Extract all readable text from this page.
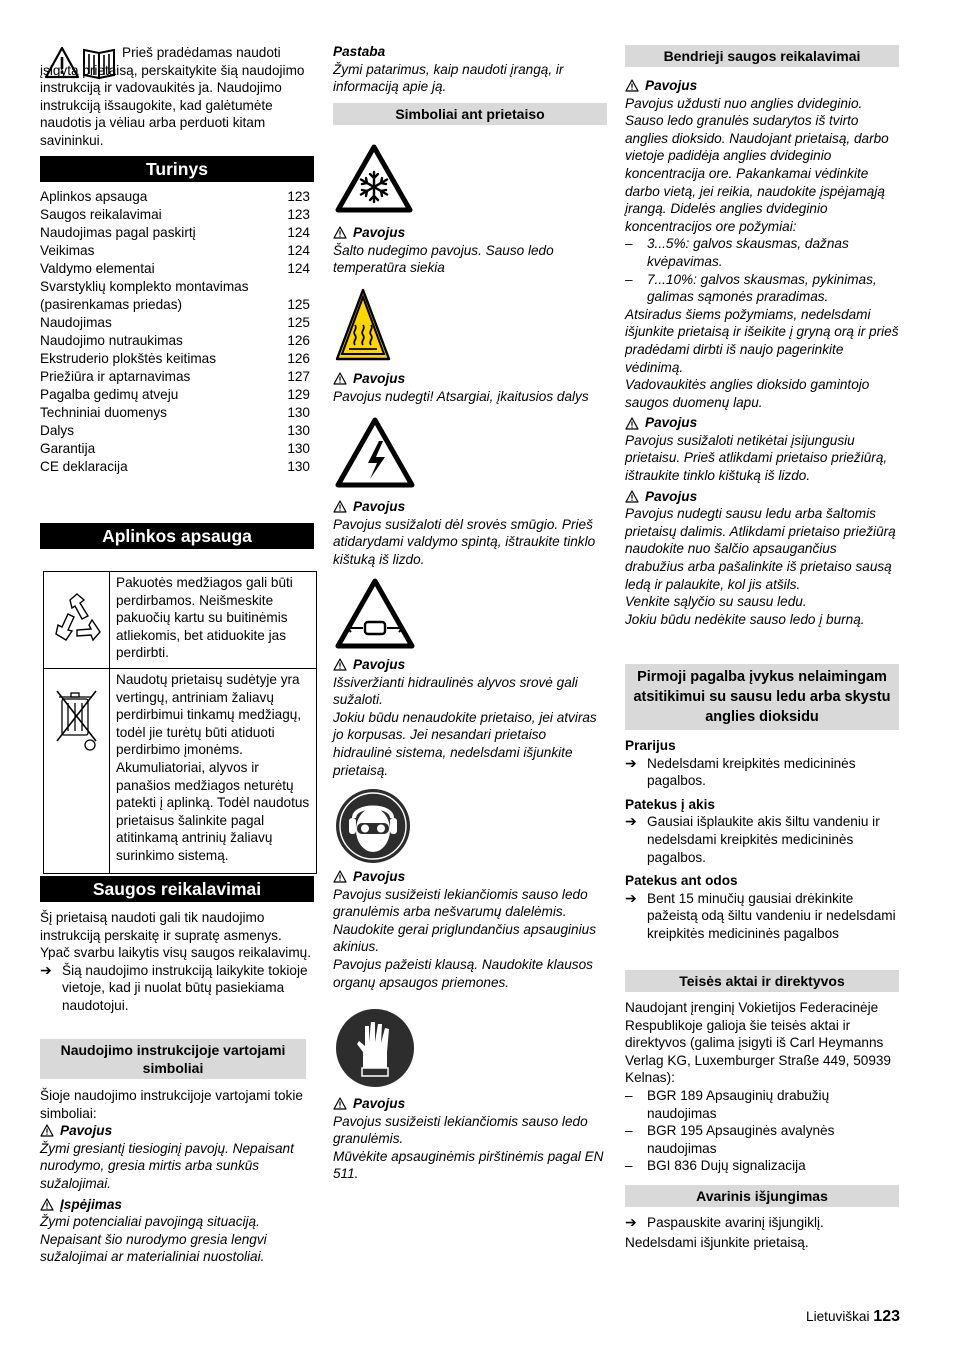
Prieš pradėdamas naudoti įsigytą prietaisą, perskaitykite šią naudojimo instrukciją ir vadovaukitės ja. Naudojimo instrukciją išsaugokite, kad galėtumėte naudotis ja vėliau arba perduoti kitam savininkui.

Turinys
Aplinkos apsauga	123
Saugos reikalavimai	123
Naudojimas pagal paskirtį	124
Veikimas	124
Valdymo elementai	124
Svarstyklių komplekto montavimas (pasirenkamas priedas)	125
Naudojimas	125
Naudojimo nutraukimas	126
Ekstruderio plokštės keitimas	126
Priežiūra ir aptarnavimas	127
Pagalba gedimų atveju	129
Techniniai duomenys	130
Dalys	130
Garantija	130
CE deklaracija	130
Aplinkos apsauga
	Pakuotės medžiagos gali būti perdirbamos. Neišmeskite pakuočių kartu su buitinėmis atliekomis, bet atiduokite jas perdirbti.
	Naudotų prietaisų sudėtyje yra vertingų, antriniam žaliavų perdirbimui tinkamų medžiagų, todėl jie turėtų būti atiduoti perdirbimo įmonėms. Akumuliatoriai, alyvos ir panašios medžiagos neturėtų patekti į aplinką. Todėl naudotus prietaisus šalinkite pagal atitinkamą antrinių žaliavų surinkimo sistemą.
Saugos reikalavimai

Šį prietaisą naudoti gali tik naudojimo instrukciją perskaitę ir supratę asmenys. Ypač svarbu laikytis visų saugos reikalavimų.

➔ Šią naudojimo instrukciją laikykite tokioje vietoje, kad ji nuolat būtų pasiekiama naudotojui.
Naudojimo instrukcijoje vartojami simboliai

Šioje naudojimo instrukcijoje vartojami tokie simboliai:

Pavojus

Žymi gresiantį tiesioginį pavojų. Nepaisant nurodymo, gresia mirtis arba sunkūs sužalojimai.

Įspėjimas

Žymi potencialiai pavojingą situaciją. Nepaisant šio nurodymo gresia lengvi sužalojimai ar materialiniai nuostoliai.

Pastaba

Žymi patarimus, kaip naudoti įrangą, ir informaciją apie ją.

Simboliai ant prietaiso
Pavojus

Šalto nudegimo pavojus. Sauso ledo temperatūra siekia

Pavojus

Pavojus nudegti! Atsargiai, įkaitusios dalys

Pavojus

Pavojus susižaloti dėl srovės smūgio. Prieš atidarydami valdymo spintą, ištraukite tinklo kištuką iš lizdo.

Pavojus

Išsiveržianti hidraulinės alyvos srovė gali sužaloti.
Jokiu būdu nenaudokite prietaiso, jei atviras jo korpusas. Jei nesandari prietaiso hidraulinė sistema, nedelsdami išjunkite prietaisą.

Pavojus

Pavojus susižeisti lekiančiomis sauso ledo granulėmis arba nešvarumų dalelėmis. Naudokite gerai priglundančius apsauginius akinius.
Pavojus pažeisti klausą. Naudokite klausos organų apsaugos priemones.

Pavojus

Pavojus susižeisti lekiančiomis sauso ledo granulėmis.
Mūvėkite apsauginėmis pirštinėmis pagal EN 511.

Bendrieji saugos reikalavimai
Pavojus

Pavojus uždusti nuo anglies dvideginio. Sauso ledo granulės sudarytos iš tvirto anglies dioksido. Naudojant prietaisą, darbo vietoje padidėja anglies dvideginio koncentracija ore. Pakankamai vėdinkite darbo vietą, jei reikia, naudokite įspėjamąją įrangą. Didelės anglies dvideginio koncentracijos ore požymiai:

–	3...5%: galvos skausmas, dažnas kvėpavimas.
–	7...10%: galvos skausmas, pykinimas, galimas sąmonės praradimas.

Atsiradus šiems požymiams, nedelsdami išjunkite prietaisą ir išeikite į gryną orą ir prieš pradėdami dirbti iš naujo pagerinkite vėdinimą.
Vadovaukitės anglies dioksido gamintojo saugos duomenų lapu.

Pavojus

Pavojus susižaloti netikėtai įsijungusiu prietaisu. Prieš atlikdami prietaiso priežiūrą, ištraukite tinklo kištuką iš lizdo.

Pavojus

Pavojus nudegti sausu ledu arba šaltomis prietaisų dalimis. Atlikdami prietaiso priežiūrą naudokite nuo šalčio apsaugančius drabužius arba pašalinkite iš prietaiso sausą ledą ir palaukite, kol jis atšils.
Venkite sąlyčio su sausu ledu.
Jokiu būdu nedėkite sauso ledo į burną.

Pirmoji pagalba įvykus nelaimingam atsitikimui su sausu ledu arba skystu anglies dioksidu

Prarijus

➔ Nedelsdami kreipkitės medicininės pagalbos.

Patekus į akis

➔ Gausiai išplaukite akis šiltu vandeniu ir nedelsdami kreipkitės medicininės pagalbos.

Patekus ant odos

➔ Bent 15 minučių gausiai drėkinkite pažeistą odą šiltu vandeniu ir nedelsdami kreipkitės medicininės pagalbos
Teisės aktai ir direktyvos

Naudojant įrenginį Vokietijos Federacinėje Respublikoje galioja šie teisės aktai ir direktyvos (galima įsigyti iš Carl Heymanns Verlag KG, Luxemburger Straße 449, 50939 Kelnas):

–	BGR 189 Apsauginių drabužių naudojimas
–	BGR 195 Apsauginės avalynės naudojimas
–	BGI 836 Dujų signalizacija
Avarinis išjungimas
➔ Paspauskite avarinį išjungiklį.

Nedelsdami išjunkite prietaisą.

Lietuviškai 123
